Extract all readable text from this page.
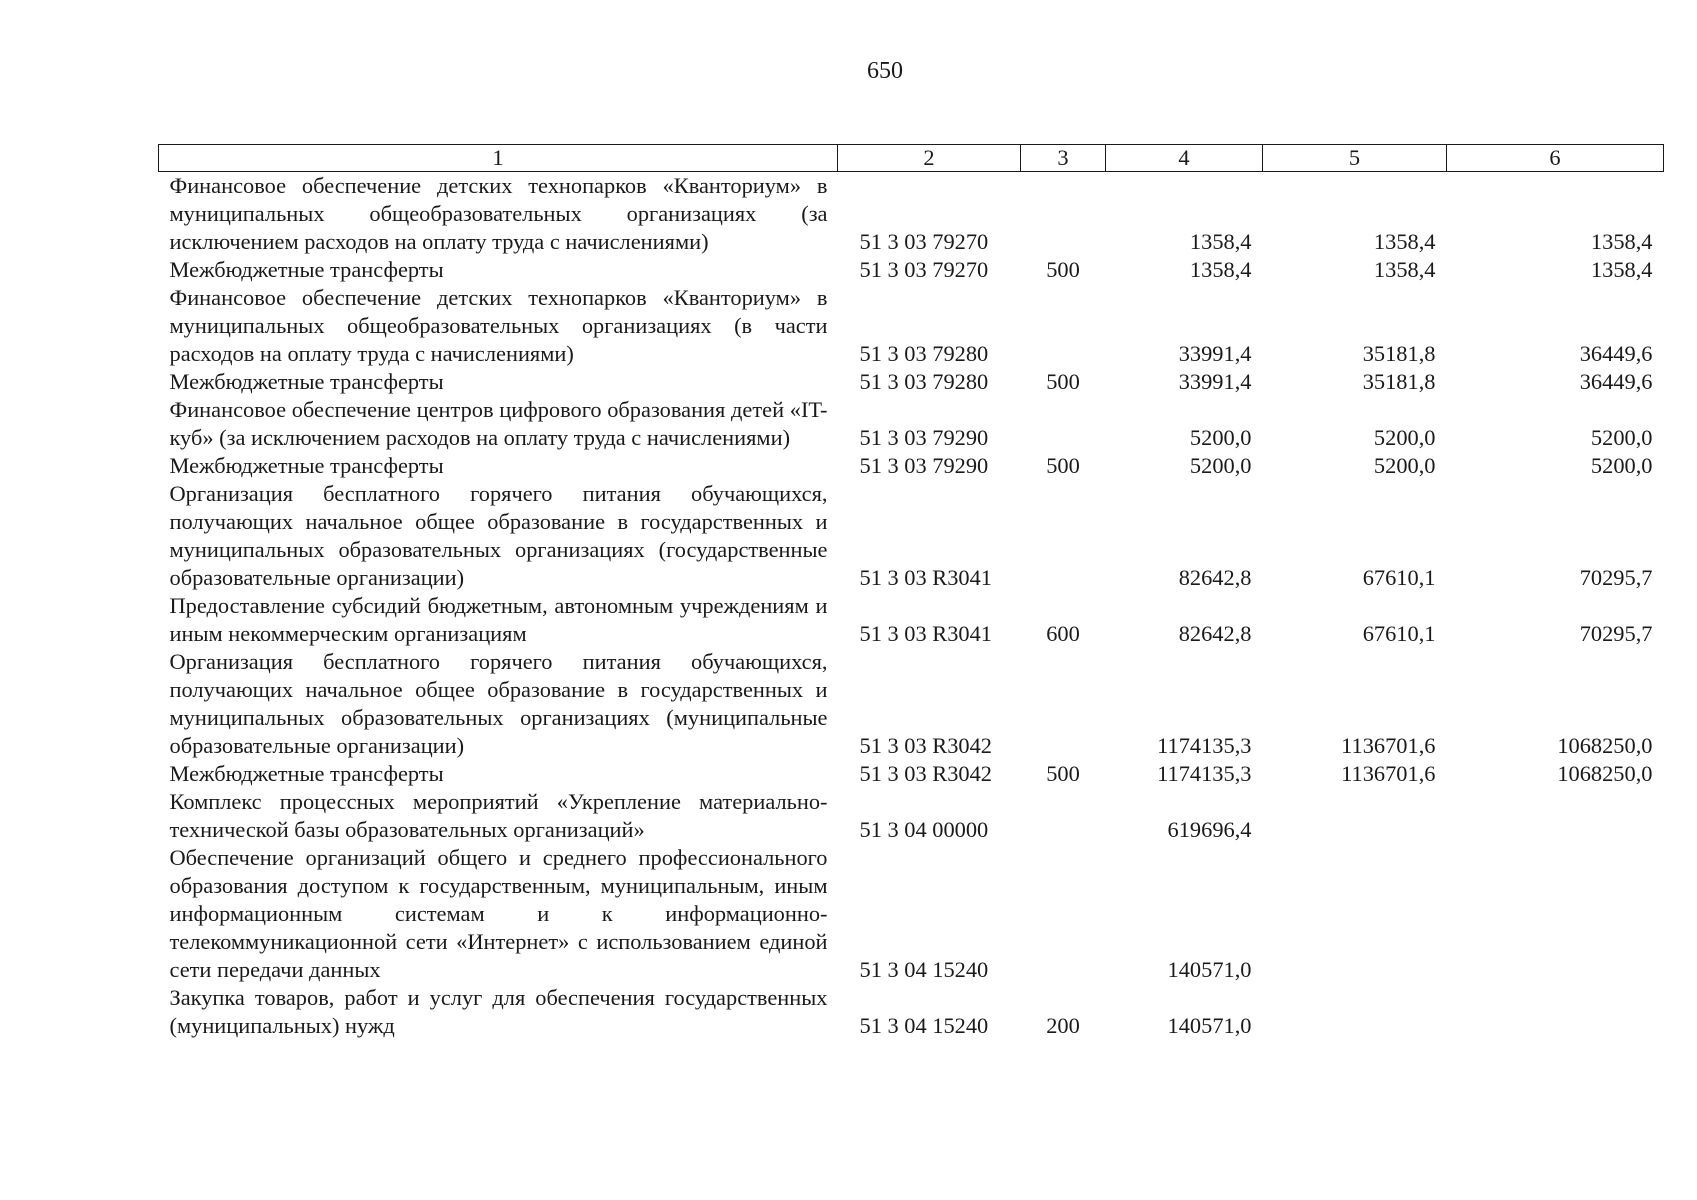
650
1	2	3	4	5	6
Финансовое обеспечение детских технопарков «Кванториум» в муниципальных общеобразовательных организациях (за исключением расходов на оплату труда с начислениями)	51 3 03 79270		1358,4	1358,4	1358,4
Межбюджетные трансферты	51 3 03 79270	500	1358,4	1358,4	1358,4
Финансовое обеспечение детских технопарков «Кванториум» в муниципальных общеобразовательных организациях (в части расходов на оплату труда с начислениями)	51 3 03 79280		33991,4	35181,8	36449,6
Межбюджетные трансферты	51 3 03 79280	500	33991,4	35181,8	36449,6
Финансовое обеспечение центров цифрового образования детей «IT-куб» (за исключением расходов на оплату труда с начислениями)	51 3 03 79290		5200,0	5200,0	5200,0
Межбюджетные трансферты	51 3 03 79290	500	5200,0	5200,0	5200,0
Организация бесплатного горячего питания обучающихся, получающих начальное общее образование в государственных и муниципальных образовательных организациях (государственные образовательные организации)	51 3 03 R3041		82642,8	67610,1	70295,7
Предоставление субсидий бюджетным, автономным учреждениям и иным некоммерческим организациям	51 3 03 R3041	600	82642,8	67610,1	70295,7
Организация бесплатного горячего питания обучающихся, получающих начальное общее образование в государственных и муниципальных образовательных организациях (муниципальные образовательные организации)	51 3 03 R3042		1174135,3	1136701,6	1068250,0
Межбюджетные трансферты	51 3 03 R3042	500	1174135,3	1136701,6	1068250,0
Комплекс процессных мероприятий «Укрепление материально-технической базы образовательных организаций»	51 3 04 00000		619696,4		
Обеспечение организаций общего и среднего профессионального образования доступом к государственным, муниципальным, иным информационным системам и к информационно-телекоммуникационной сети «Интернет» с использованием единой сети передачи данных	51 3 04 15240		140571,0		
Закупка товаров, работ и услуг для обеспечения государственных (муниципальных) нужд	51 3 04 15240	200	140571,0		
